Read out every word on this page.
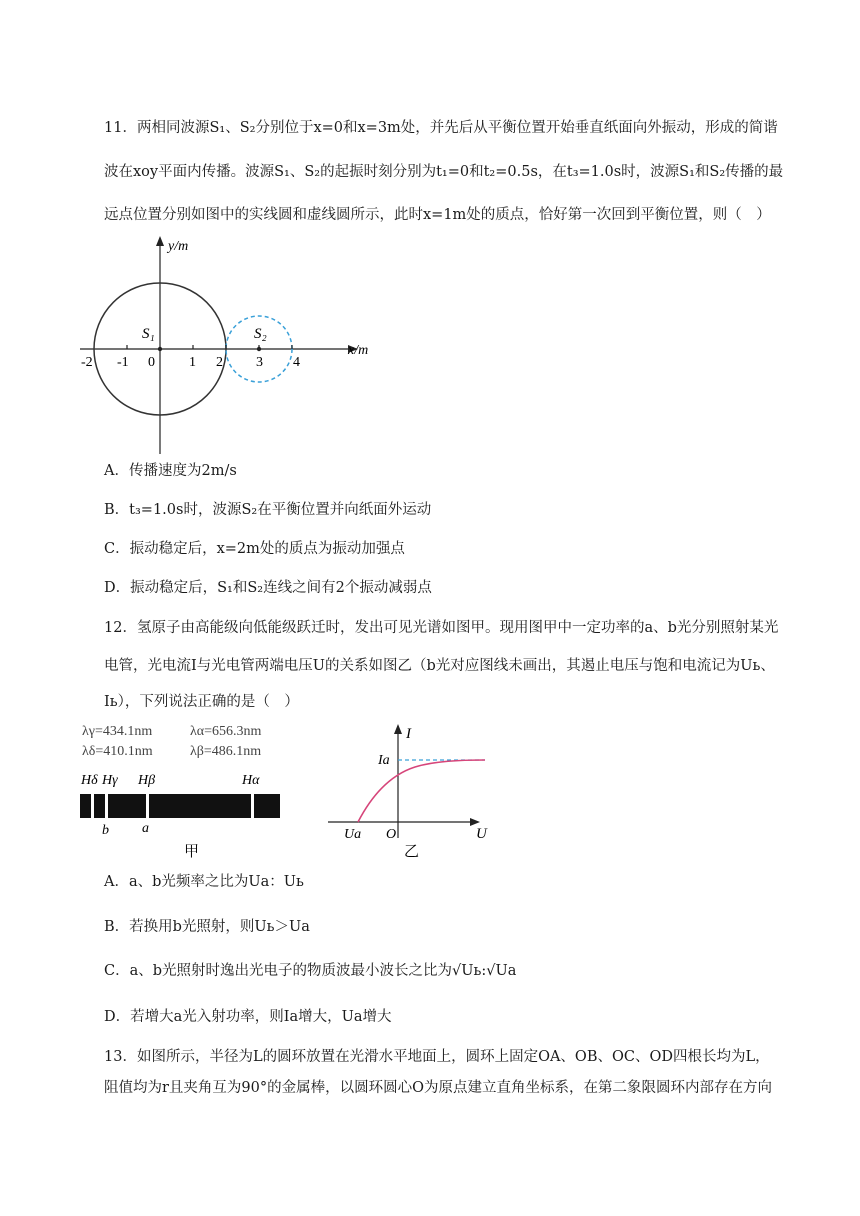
11．两相同波源S₁、S₂分别位于x=0和x=3m处，并先后从平衡位置开始垂直纸面向外振动，形成的简谐
波在xoy平面内传播。波源S₁、S₂的起振时刻分别为t₁=0和t₂=0.5s，在t₃=1.0s时，波源S₁和S₂传播的最
远点位置分别如图中的实线圆和虚线圆所示，此时x=1m处的质点，恰好第一次回到平衡位置，则（　）
y/m
x/m
S₁	S₂
-2 -1 0 1 2 3 4
A．传播速度为2m/s
B．t₃=1.0s时，波源S₂在平衡位置并向纸面外运动
C．振动稳定后，x=2m处的质点为振动加强点
D．振动稳定后，S₁和S₂连线之间有2个振动减弱点
12．氢原子由高能级向低能级跃迁时，发出可见光谱如图甲。现用图甲中一定功率的a、b光分别照射某光
电管，光电流I与光电管两端电压U的关系如图乙（b光对应图线未画出，其遏止电压与饱和电流记为Uь、
Iь），下列说法正确的是（　）
λγ=434.1nm	λα=656.3nm
λδ=410.1nm	λβ=486.1nm
Hδ Hγ Hβ	Hα
b a
甲
I
Ia
Ua O	U
乙
A．a、b光频率之比为Ua：Uь
B．若换用b光照射，则Uь＞Ua
C．a、b光照射时逸出光电子的物质波最小波长之比为√Uь:√Ua
D．若增大a光入射功率，则Ia增大，Ua增大
13．如图所示，半径为L的圆环放置在光滑水平地面上，圆环上固定OA、OB、OC、OD四根长均为L，
阻值均为r且夹角互为90°的金属棒，以圆环圆心O为原点建立直角坐标系，在第二象限圆环内部存在方向
